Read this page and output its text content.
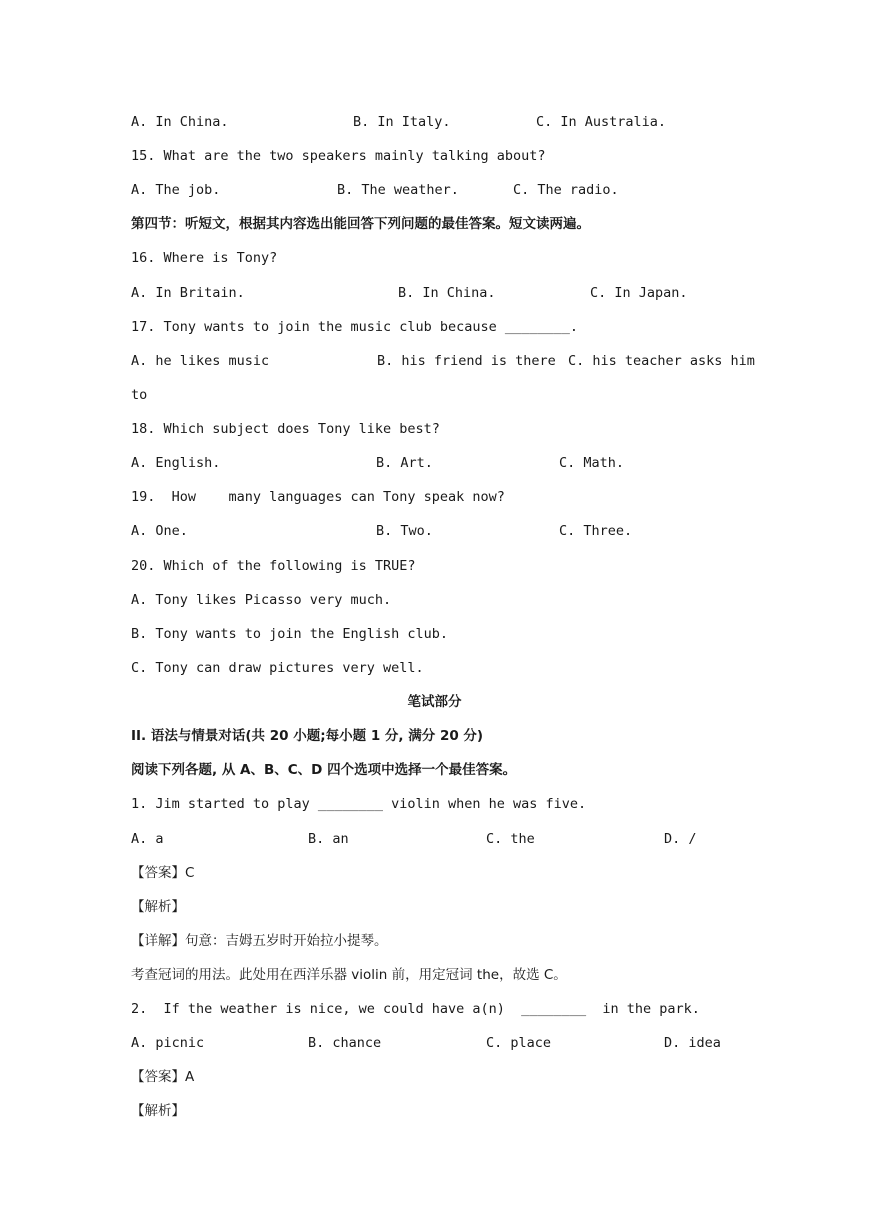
A. In China.	B. In Italy.	C. In Australia.
15. What are the two speakers mainly talking about?
A. The job.	B. The weather.	C. The radio.
第四节：听短文，根据其内容选出能回答下列问题的最佳答案。短文读两遍。
16. Where is Tony?
A. In Britain.	B. In China.	C. In Japan.
17. Tony wants to join the music club because ________.
A. he likes music	B. his friend is there C. his teacher asks him
to
18. Which subject does Tony like best?
A. English.	B. Art.	C. Math.
19.  How    many languages can Tony speak now?
A. One.	B. Two.	C. Three.
20. Which of the following is TRUE?
A. Tony likes Picasso very much.
B. Tony wants to join the English club.
C. Tony can draw pictures very well.
笔试部分
II. 语法与情景对话(共 20 小题;每小题 1 分, 满分 20 分)
阅读下列各题, 从 A、B、C、D 四个选项中选择一个最佳答案。
1. Jim started to play ________ violin when he was five.
A. a	B. an	C. the	D. /
【答案】C
【解析】
【详解】句意：吉姆五岁时开始拉小提琴。
考查冠词的用法。此处用在西洋乐器 violin 前，用定冠词 the，故选 C。
2.  If the weather is nice, we could have a(n)  ________  in the park.
A. picnic	B. chance	C. place	D. idea
【答案】A
【解析】
